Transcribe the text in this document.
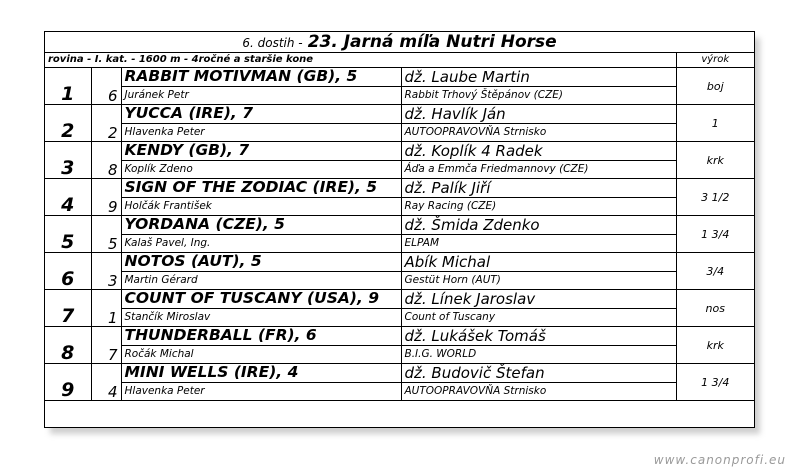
6. dostih - 23. Jarná míľa Nutri Horse				
rovina - I. kat. - 1600 m - 4ročné a staršie kone				výrok
1	6	RABBIT MOTIVMAN (GB), 5	dž. Laube Martin	boj
		Juránek Petr	Rabbit Trhový Štěpánov (CZE)	
2	2	YUCCA (IRE), 7	dž. Havlík Ján	1
		Hlavenka Peter	AUTOOPRAVOVŇA Strnisko	
3	8	KENDY (GB), 7	dž. Koplík 4 Radek	krk
		Koplík Zdeno	Áďa a Emmča Friedmannovy (CZE)	
4	9	SIGN OF THE ZODIAC (IRE), 5	dž. Palík Jiří	3 1/2
		Holčák František	Ray Racing (CZE)	
5	5	YORDANA (CZE), 5	dž. Šmida Zdenko	1 3/4
		Kalaš Pavel, Ing.	ELPAM	
6	3	NOTOS (AUT), 5	Abík Michal	3/4
		Martin Gérard	Gestüt Horn (AUT)	
7	1	COUNT OF TUSCANY (USA), 9	dž. Línek Jaroslav	nos
		Stančík Miroslav	Count of Tuscany	
8	7	THUNDERBALL (FR), 6	dž. Lukášek Tomáš	krk
		Ročák Michal	B.I.G. WORLD	
9	4	MINI WELLS (IRE), 4	dž. Budovič Štefan	1 3/4
		Hlavenka Peter	AUTOOPRAVOVŇA Strnisko	
www.canonprofi.eu
